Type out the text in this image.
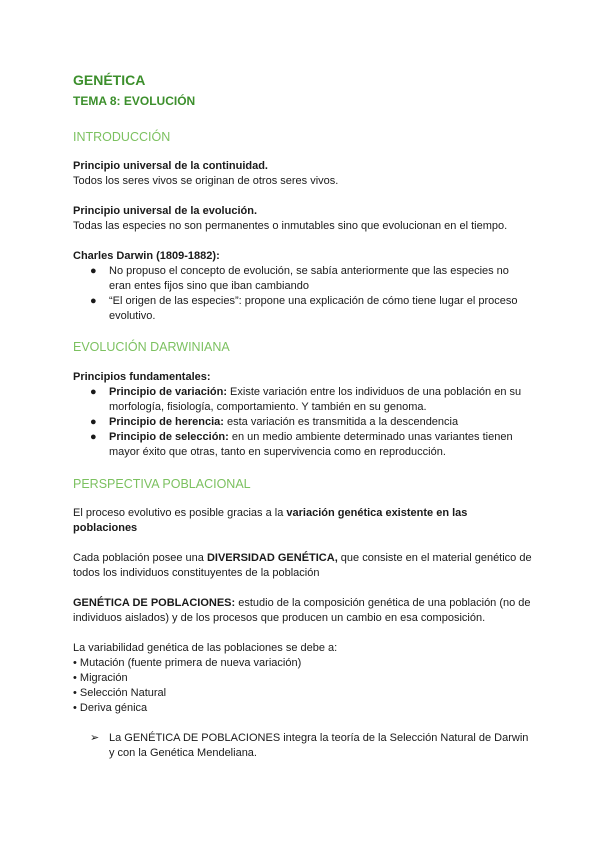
GENÉTICA
TEMA 8: EVOLUCIÓN
INTRODUCCIÓN

Principio universal de la continuidad.

Todos los seres vivos se originan de otros seres vivos.

Principio universal de la evolución.

Todas las especies no son permanentes o inmutables sino que evolucionan en el tiempo.

Charles Darwin (1809-1882):

● No propuso el concepto de evolución, se sabía anteriormente que las especies no eran entes fijos sino que iban cambiando
● “El origen de las especies”: propone una explicación de cómo tiene lugar el proceso evolutivo.
EVOLUCIÓN DARWINIANA

Principios fundamentales:

● Principio de variación: Existe variación entre los individuos de una población en su morfología, fisiología, comportamiento. Y también en su genoma.
● Principio de herencia: esta variación es transmitida a la descendencia
● Principio de selección: en un medio ambiente determinado unas variantes tienen mayor éxito que otras, tanto en supervivencia como en reproducción.
PERSPECTIVA POBLACIONAL

El proceso evolutivo es posible gracias a la variación genética existente en las poblaciones

Cada población posee una DIVERSIDAD GENÉTICA, que consiste en el material genético de todos los individuos constituyentes de la población

GENÉTICA DE POBLACIONES: estudio de la composición genética de una población (no de individuos aislados) y de los procesos que producen un cambio en esa composición.

La variabilidad genética de las poblaciones se debe a:

• Mutación (fuente primera de nueva variación)

• Migración

• Selección Natural

• Deriva génica

➢ La GENÉTICA DE POBLACIONES integra la teoría de la Selección Natural de Darwin y con la Genética Mendeliana.
